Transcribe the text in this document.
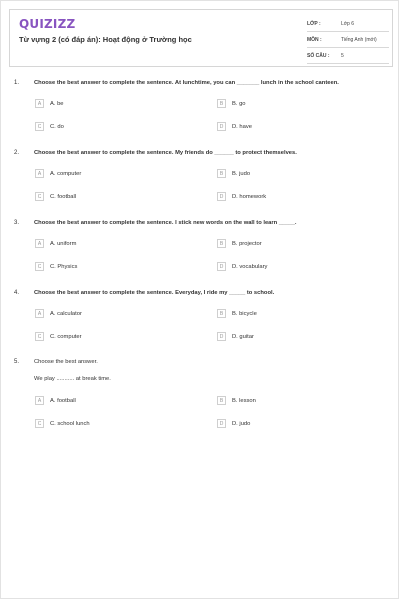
QUIZIZZ
Từ vựng 2 (có đáp án): Hoạt động ở Trường học
LỚP :	Lớp 6
MÔN :	Tiếng Anh (mới)
SỐ CÂU : 5
1.	Choose the best answer to complete the sentence. At lunchtime, you can _______ lunch in the school canteen.
A	A. be	B	B. go
C	C. do	D	D. have
2.	Choose the best answer to complete the sentence. My friends do ______ to protect themselves.
A	A. computer	B	B. judo
C	C. football	D	D. homework
3.	Choose the best answer to complete the sentence. I stick new words on the wall to learn _____.
A	A. uniform	B	B. projector
C	C. Physics	D	D. vocabulary
4.	Choose the best answer to complete the sentence. Everyday, I ride my _____ to school.
A	A. calculator	B	B. bicycle
C	C. computer	D	D. guitar
5.	Choose the best answer.
We play ........... at break time.
A	A. football	B	B. lesson
C	C. school lunch	D	D. judo
